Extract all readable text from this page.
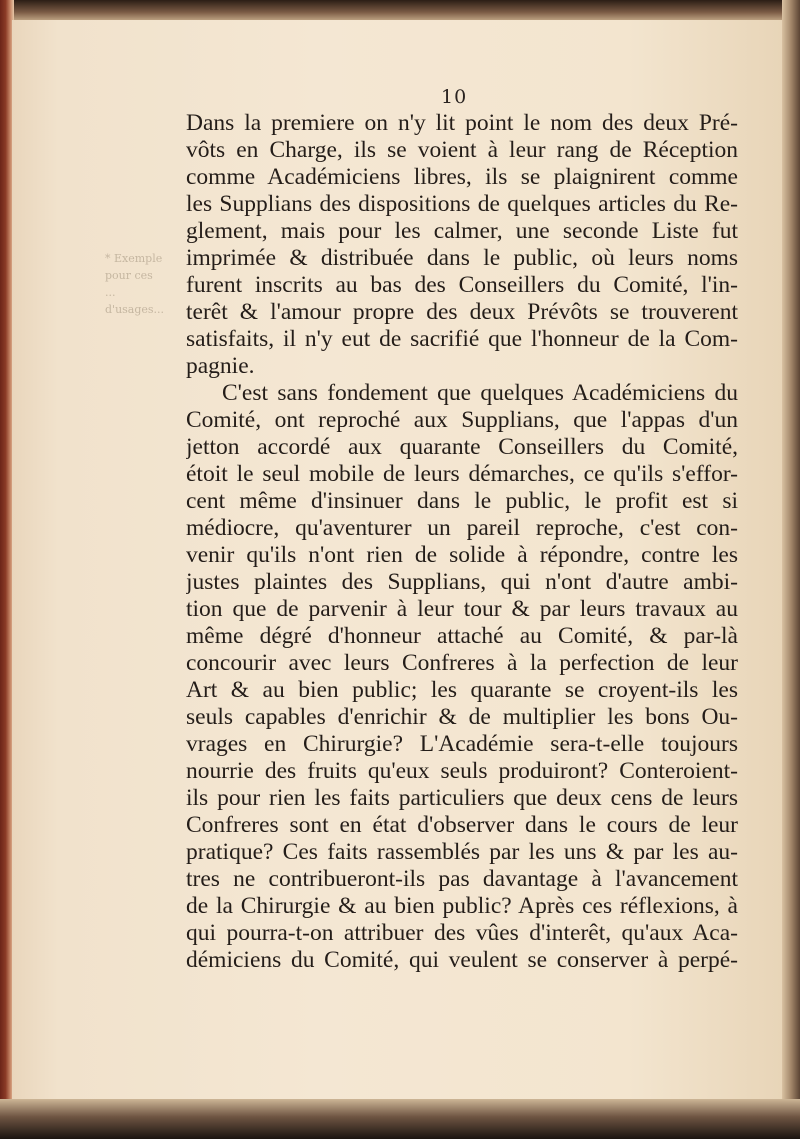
* Exemple pour ces ... d'usages...
10
Dans la premiere on n'y lit point le nom des deux Pré-
vôts en Charge, ils se voient à leur rang de Réception
comme Académiciens libres, ils se plaignirent comme
les Supplians des dispositions de quelques articles du Re-
glement, mais pour les calmer, une seconde Liste fut
imprimée & distribuée dans le public, où leurs noms
furent inscrits au bas des Conseillers du Comité, l'in-
terêt & l'amour propre des deux Prévôts se trouverent
satisfaits, il n'y eut de sacrifié que l'honneur de la Com-
pagnie.
C'est sans fondement que quelques Académiciens du
Comité, ont reproché aux Supplians, que l'appas d'un
jetton accordé aux quarante Conseillers du Comité,
étoit le seul mobile de leurs démarches, ce qu'ils s'effor-
cent même d'insinuer dans le public, le profit est si
médiocre, qu'aventurer un pareil reproche, c'est con-
venir qu'ils n'ont rien de solide à répondre, contre les
justes plaintes des Supplians, qui n'ont d'autre ambi-
tion que de parvenir à leur tour & par leurs travaux au
même dégré d'honneur attaché au Comité, & par-là
concourir avec leurs Confreres à la perfection de leur
Art & au bien public; les quarante se croyent-ils les
seuls capables d'enrichir & de multiplier les bons Ou-
vrages en Chirurgie? L'Académie sera-t-elle toujours
nourrie des fruits qu'eux seuls produiront? Conteroient-
ils pour rien les faits particuliers que deux cens de leurs
Confreres sont en état d'observer dans le cours de leur
pratique? Ces faits rassemblés par les uns & par les au-
tres ne contribueront-ils pas davantage à l'avancement
de la Chirurgie & au bien public? Après ces réflexions, à
qui pourra-t-on attribuer des vûes d'interêt, qu'aux Aca-
démiciens du Comité, qui veulent se conserver à perpé-
